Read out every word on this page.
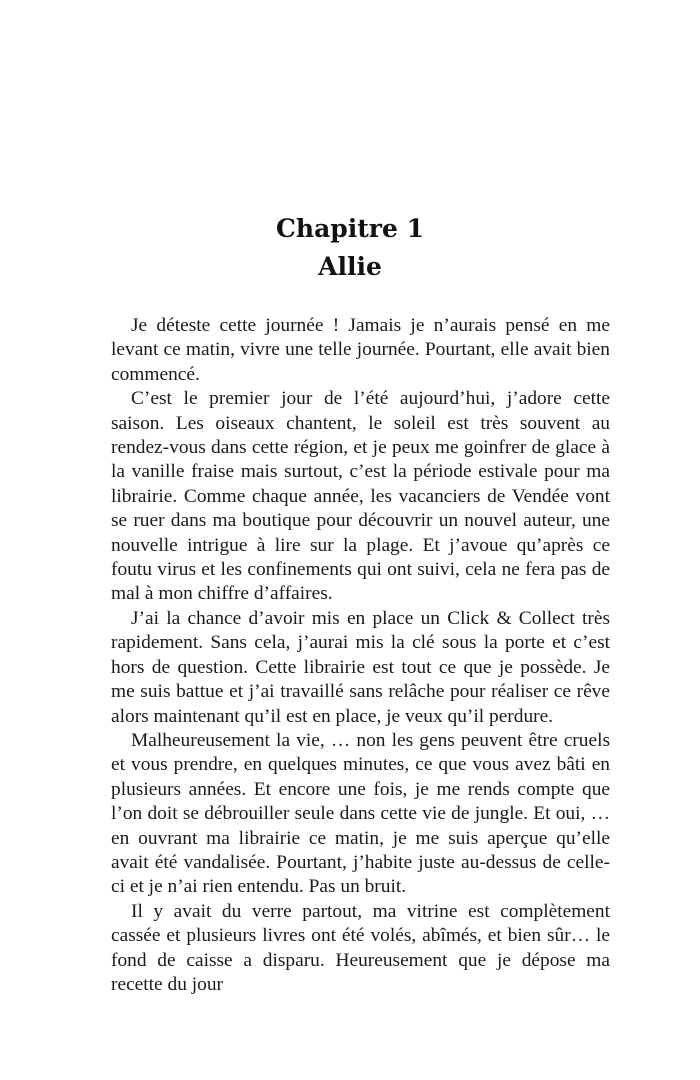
Chapitre 1
Allie

Je déteste cette journée ! Jamais je n’aurais pensé en me levant ce matin, vivre une telle journée. Pourtant, elle avait bien commencé.

C’est le premier jour de l’été aujourd’hui, j’adore cette saison. Les oiseaux chantent, le soleil est très souvent au rendez-vous dans cette région, et je peux me goinfrer de glace à la vanille fraise mais surtout, c’est la période estivale pour ma librairie. Comme chaque année, les vacanciers de Vendée vont se ruer dans ma boutique pour découvrir un nouvel auteur, une nouvelle intrigue à lire sur la plage. Et j’avoue qu’après ce foutu virus et les confinements qui ont suivi, cela ne fera pas de mal à mon chiffre d’affaires.

J’ai la chance d’avoir mis en place un Click & Collect très rapidement. Sans cela, j’aurai mis la clé sous la porte et c’est hors de question. Cette librairie est tout ce que je possède. Je me suis battue et j’ai travaillé sans relâche pour réaliser ce rêve alors maintenant qu’il est en place, je veux qu’il perdure.

Malheureusement la vie, … non les gens peuvent être cruels et vous prendre, en quelques minutes, ce que vous avez bâti en plusieurs années. Et encore une fois, je me rends compte que l’on doit se débrouiller seule dans cette vie de jungle. Et oui, … en ouvrant ma librairie ce matin, je me suis aperçue qu’elle avait été vandalisée. Pourtant, j’habite juste au-dessus de celle-ci et je n’ai rien entendu. Pas un bruit.

Il y avait du verre partout, ma vitrine est complètement cassée et plusieurs livres ont été volés, abîmés, et bien sûr… le fond de caisse a disparu. Heureusement que je dépose ma recette du jour
